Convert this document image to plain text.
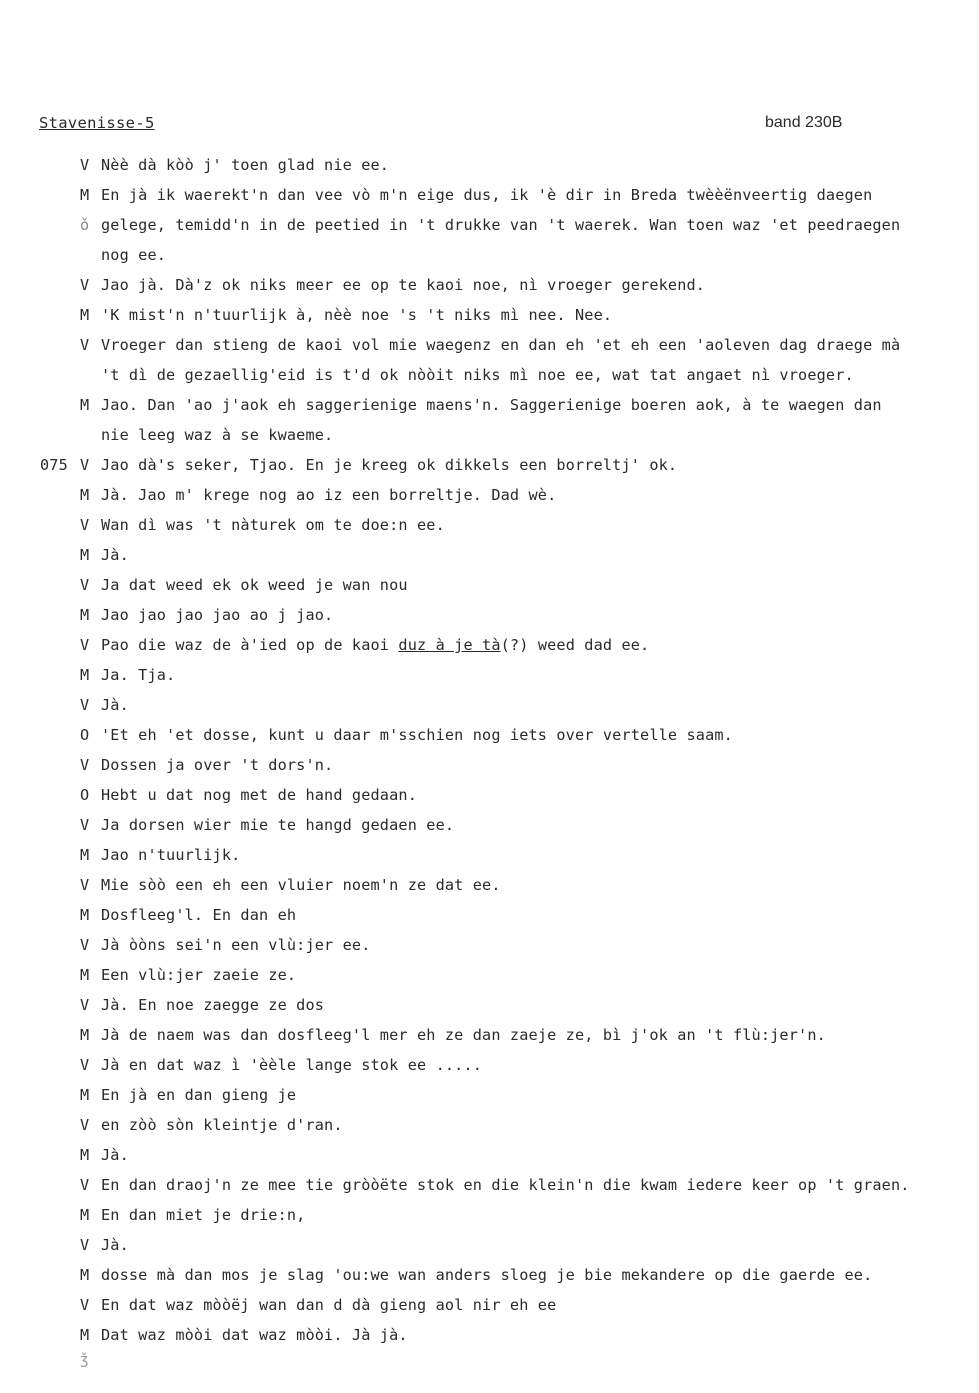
Stavenisse-5	band 230B
V Nèè dà kòò j' toen glad nie ee.
M En jà ik waerekt'n dan vee vò m'n eige dus, ik 'è dir in Breda twèèënveertig daegen
ǒ gelege, temidd'n in de peetied in 't drukke van 't waerek. Wan toen waz 'et peedraegen
nog ee.
V Jao jà. Dà'z ok niks meer ee op te kaoi noe, nì vroeger gerekend.
M 'K mist'n n'tuurlijk à, nèè noe 's 't niks mì nee. Nee.
V Vroeger dan stieng de kaoi vol mie waegenz en dan eh 'et eh een 'aoleven dag draege mà
't dì de gezaellig'eid is t'd ok nòòit niks mì noe ee, wat tat angaet nì vroeger.
M Jao. Dan 'ao j'aok eh saggerienige maens'n. Saggerienige boeren aok, à te waegen dan
nie leeg waz à se kwaeme.
075 V Jao dà's seker, Tjao. En je kreeg ok dikkels een borreltj' ok.
M Jà. Jao m' krege nog ao iz een borreltje. Dad wè.
V Wan dì was 't nàturek om te doe:n ee.
M Jà.
V Ja dat weed ek ok weed je wan nou
M Jao jao jao jao ao j jao.
V Pao die waz de à'ied op de kaoi duz à je tà(?) weed dad ee.
M Ja. Tja.
V Jà.
O 'Et eh 'et dosse, kunt u daar m'sschien nog iets over vertelle saam.
V Dossen ja over 't dors'n.
O Hebt u dat nog met de hand gedaan.
V Ja dorsen wier mie te hangd gedaen ee.
M Jao n'tuurlijk.
V Mie sòò een eh een vluier noem'n ze dat ee.
M Dosfleeg'l. En dan eh
V Jà òòns sei'n een vlù:jer ee.
M Een vlù:jer zaeie ze.
V Jà. En noe zaegge ze dos
M Jà de naem was dan dosfleeg'l mer eh ze dan zaeje ze, bì j'ok an 't flù:jer'n.
V Jà en dat waz ì 'èèle lange stok ee .....
M En jà en dan gieng je
V en zòò sòn kleintje d'ran.
M Jà.
V En dan draoj'n ze mee tie gròòëte stok en die klein'n die kwam iedere keer op 't graen.
M En dan miet je drie:n,
V Jà.
M dosse mà dan mos je slag 'ou:we wan anders sloeg je bie mekandere op die gaerde ee.
V En dat waz mòòëj wan dan d dà gieng aol nir eh ee
M Dat waz mòòi dat waz mòòi. Jà jà.
ǯ
